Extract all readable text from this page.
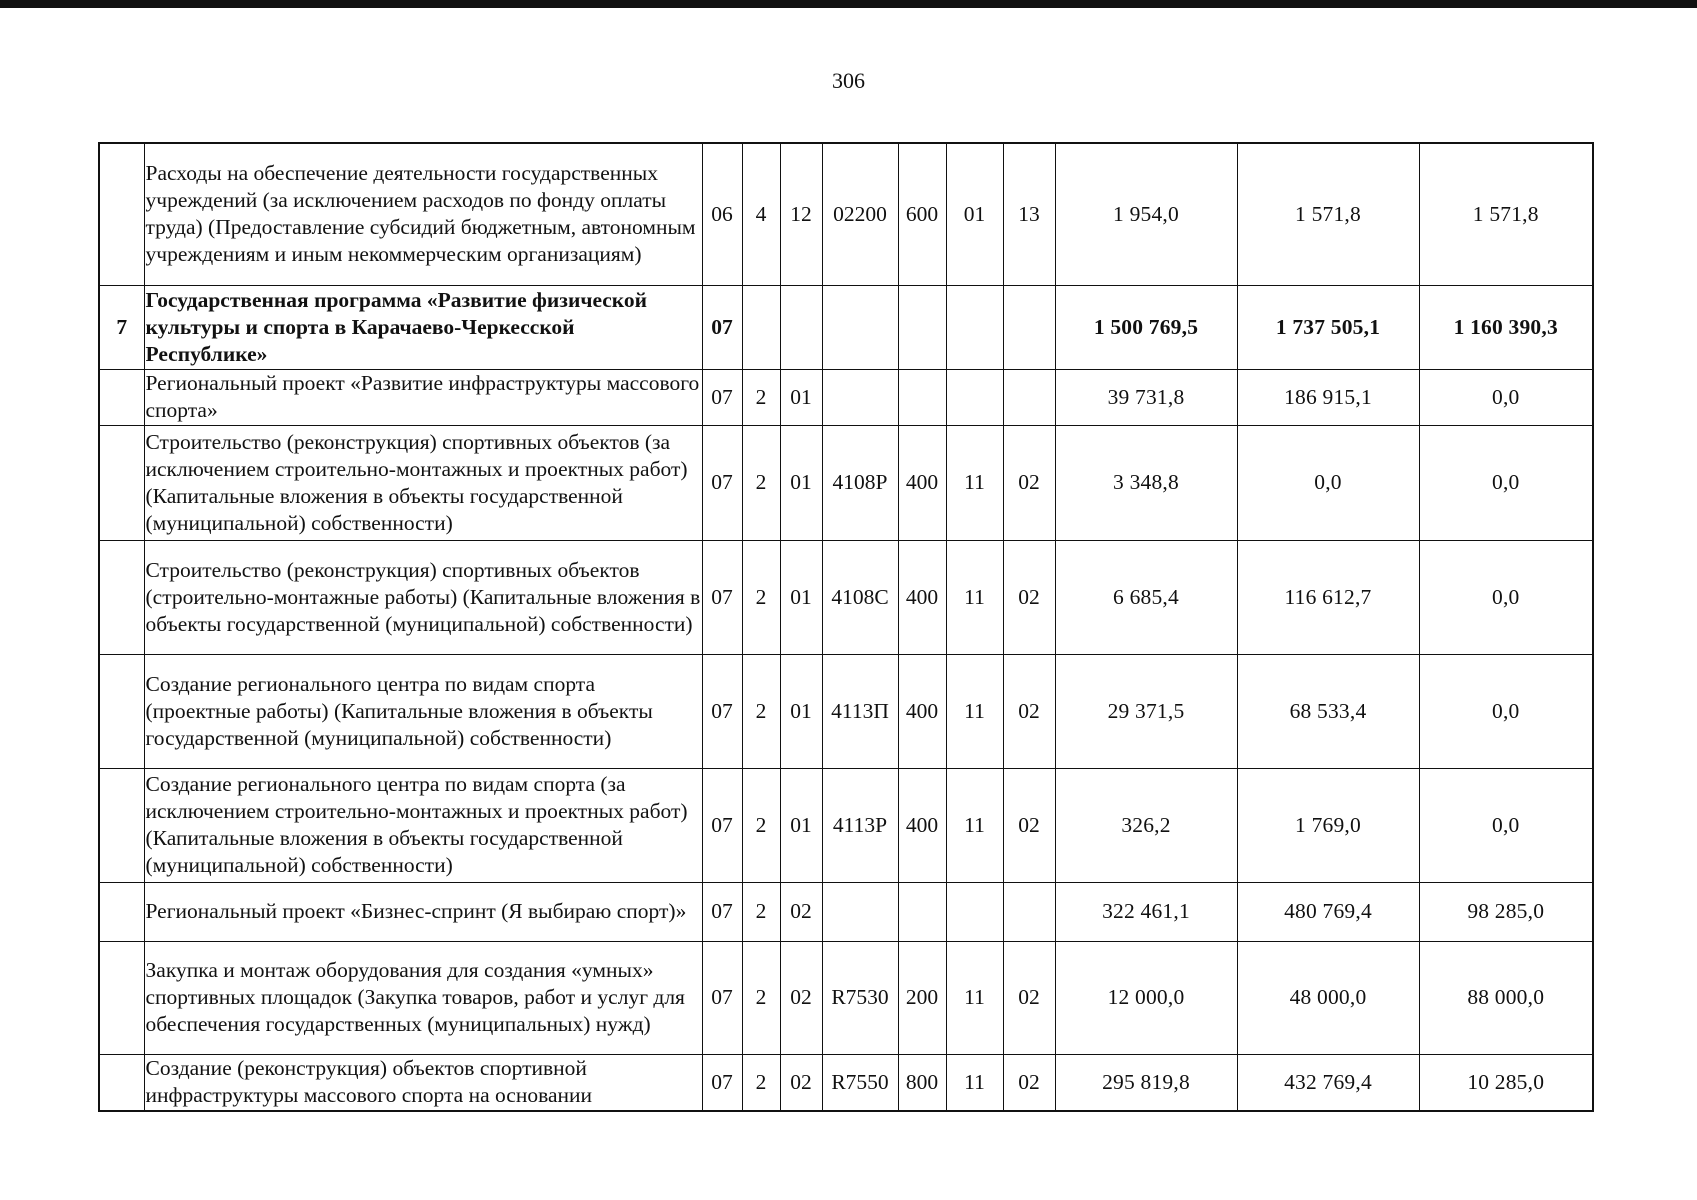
306
	Расходы на обеспечение деятельности государственных учреждений (за исключением расходов по фонду оплаты труда) (Предоставление субсидий бюджетным, автономным учреждениям и иным некоммерческим организациям)	06	4	12	02200	600	01	13	1 954,0	1 571,8	1 571,8
7	Государственная программа «Развитие физической культуры и спорта в Карачаево-Черкесской Республике»	07							1 500 769,5	1 737 505,1	1 160 390,3
	Региональный проект «Развитие инфраструктуры массового спорта»	07	2	01					39 731,8	186 915,1	0,0
	Строительство (реконструкция) спортивных объектов (за исключением строительно-монтажных и проектных работ) (Капитальные вложения в объекты государственной (муниципальной) собственности)	07	2	01	4108Р	400	11	02	3 348,8	0,0	0,0
	Строительство (реконструкция) спортивных объектов (строительно-монтажные работы) (Капитальные вложения в объекты государственной (муниципальной) собственности)	07	2	01	4108С	400	11	02	6 685,4	116 612,7	0,0
	Создание регионального центра по видам спорта (проектные работы) (Капитальные вложения в объекты государственной (муниципальной) собственности)	07	2	01	4113П	400	11	02	29 371,5	68 533,4	0,0
	Создание регионального центра по видам спорта (за исключением строительно-монтажных и проектных работ) (Капитальные вложения в объекты государственной (муниципальной) собственности)	07	2	01	4113Р	400	11	02	326,2	1 769,0	0,0
	Региональный проект «Бизнес-спринт (Я выбираю спорт)»	07	2	02					322 461,1	480 769,4	98 285,0
	Закупка и монтаж оборудования для создания «умных» спортивных площадок (Закупка товаров, работ и услуг для обеспечения государственных (муниципальных) нужд)	07	2	02	R7530	200	11	02	12 000,0	48 000,0	88 000,0
	Создание (реконструкция) объектов спортивной инфраструктуры массового спорта на основании	07	2	02	R7550	800	11	02	295 819,8	432 769,4	10 285,0
